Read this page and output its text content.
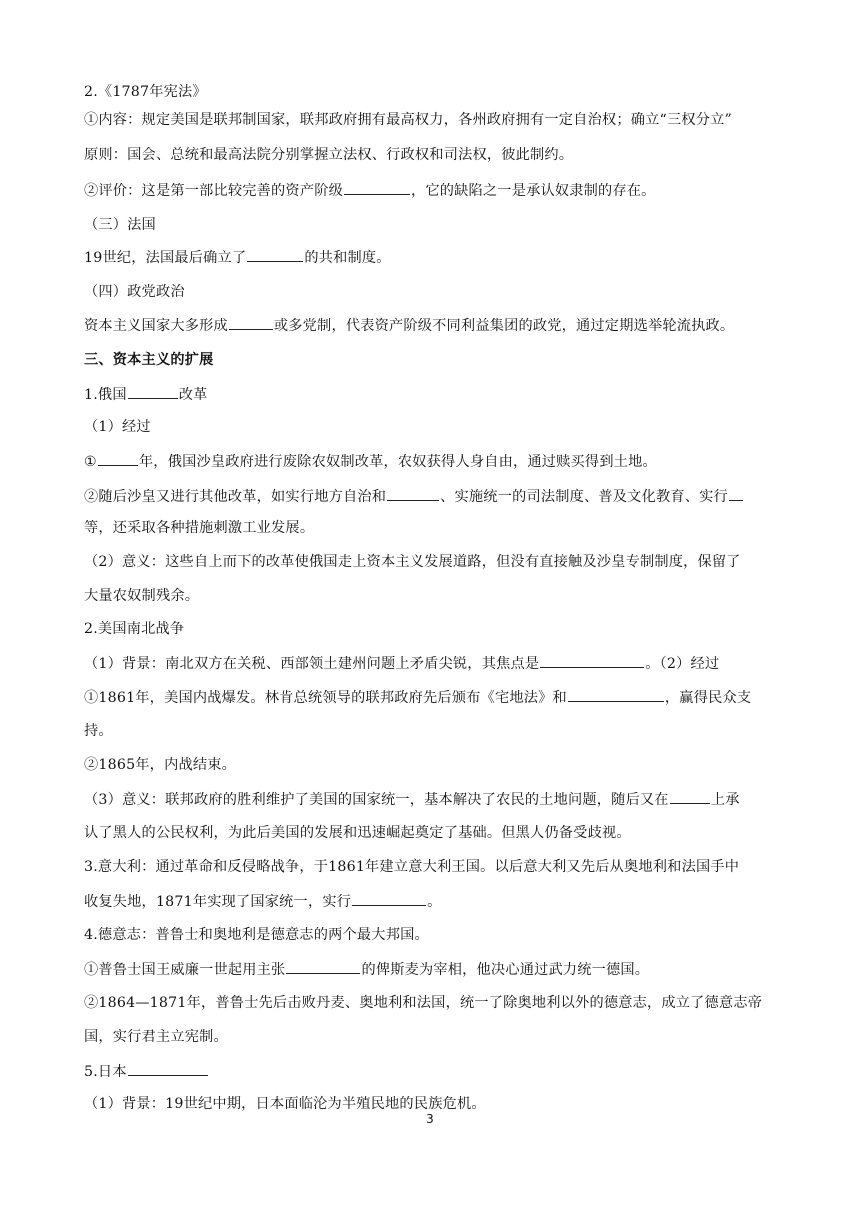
2.《1787年宪法》
①内容：规定美国是联邦制国家，联邦政府拥有最高权力，各州政府拥有一定自治权；确立“三权分立”
原则：国会、总统和最高法院分别掌握立法权、行政权和司法权，彼此制约。
②评价：这是第一部比较完善的资产阶级	，它的缺陷之一是承认奴隶制的存在。
（三）法国
19世纪，法国最后确立了	的共和制度。
（四）政党政治
资本主义国家大多形成	或多党制，代表资产阶级不同利益集团的政党，通过定期选举轮流执政。
三、资本主义的扩展
1.俄国	改革
（1）经过
①	年，俄国沙皇政府进行废除农奴制改革，农奴获得人身自由，通过赎买得到土地。
②随后沙皇又进行其他改革，如实行地方自治和	、实施统一的司法制度、普及文化教育、实行
等，还采取各种措施刺激工业发展。
（2）意义：这些自上而下的改革使俄国走上资本主义发展道路，但没有直接触及沙皇专制制度，保留了
大量农奴制残余。
2.美国南北战争
（1）背景：南北双方在关税、西部领土建州问题上矛盾尖锐，其焦点是	。（2）经过
①1861年，美国内战爆发。林肯总统领导的联邦政府先后颁布《宅地法》和	，赢得民众支
持。
②1865年，内战结束。
（3）意义：联邦政府的胜利维护了美国的国家统一，基本解决了农民的土地问题，随后又在	上承
认了黑人的公民权利，为此后美国的发展和迅速崛起奠定了基础。但黑人仍备受歧视。
3.意大利：通过革命和反侵略战争，于1861年建立意大利王国。以后意大利又先后从奥地利和法国手中
收复失地，1871年实现了国家统一，实行	。
4.德意志：普鲁士和奥地利是德意志的两个最大邦国。
①普鲁士国王威廉一世起用主张	的俾斯麦为宰相，他决心通过武力统一德国。
②1864—1871年，普鲁士先后击败丹麦、奥地利和法国，统一了除奥地利以外的德意志，成立了德意志帝
国，实行君主立宪制。
5.日本
（1）背景：19世纪中期，日本面临沦为半殖民地的民族危机。
3
